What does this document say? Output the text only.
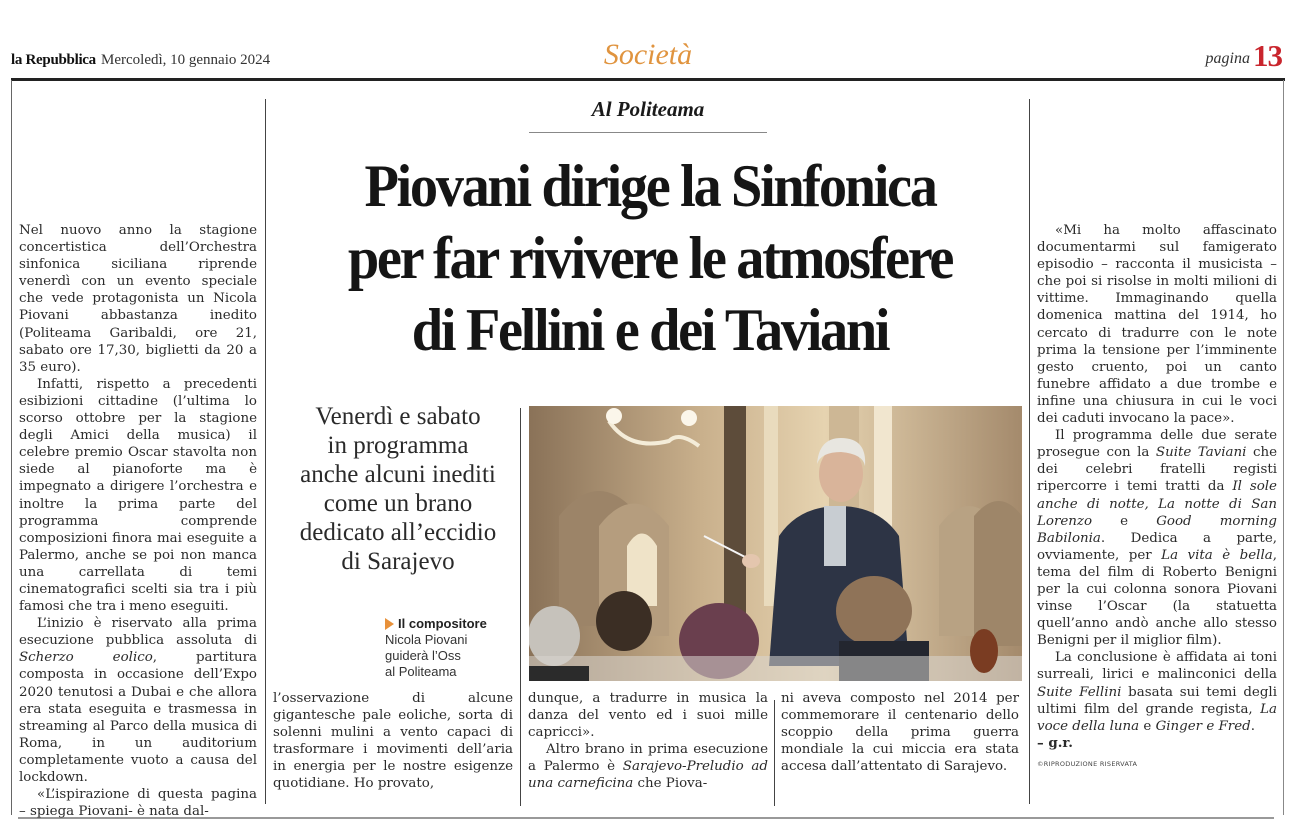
la Repubblica Mercoledì, 10 gennaio 2024	Società	pagina13
Al Politeama
Piovani dirige la Sinfonica
per far rivivere le atmosfere
di Fellini e dei Taviani

Nel nuovo anno la stagione concertistica dell’Orchestra sinfonica siciliana riprende venerdì con un evento speciale che vede protagonista un Nicola Piovani abbastanza inedito (Politeama Garibaldi, ore 21, sabato ore 17,30, biglietti da 20 a 35 euro).

Infatti, rispetto a precedenti esibizioni cittadine (l’ultima lo scorso ottobre per la stagione degli Amici della musica) il celebre premio Oscar stavolta non siede al pianoforte ma è impegnato a dirigere l’orchestra e inoltre la prima parte del programma comprende composizioni finora mai eseguite a Palermo, anche se poi non manca una carrellata di temi cinematografici scelti sia tra i più famosi che tra i meno eseguiti.

L’inizio è riservato alla prima esecuzione pubblica assoluta di Scherzo eolico, partitura composta in occasione dell’Expo 2020 tenutosi a Dubai e che allora era stata eseguita e trasmessa in streaming al Parco della musica di Roma, in un auditorium completamente vuoto a causa del lockdown.

«L’ispirazione di questa pagina – spiega Piovani- è nata dal-

Venerdì e sabato
in programma
anche alcuni inediti
come un brano
dedicato all’eccidio
di Sarajevo
Il compositore
Nicola Piovani
guiderà l’Oss
al Politeama

l’osservazione di alcune gigantesche pale eoliche, sorta di solenni mulini a vento capaci di trasformare i movimenti dell’aria in energia per le nostre esigenze quotidiane. Ho provato,

dunque, a tradurre in musica la danza del vento ed i suoi mille capricci».

Altro brano in prima esecuzione a Palermo è Sarajevo-Preludio ad una carneficina che Piova-

ni aveva composto nel 2014 per commemorare il centenario dello scoppio della prima guerra mondiale la cui miccia era stata accesa dall’attentato di Sarajevo.

«Mi ha molto affascinato documentarmi sul famigerato episodio – racconta il musicista – che poi si risolse in molti milioni di vittime. Immaginando quella domenica mattina del 1914, ho cercato di tradurre con le note prima la tensione per l’imminente gesto cruento, poi un canto funebre affidato a due trombe e infine una chiusura in cui le voci dei caduti invocano la pace».

Il programma delle due serate prosegue con la Suite Taviani che dei celebri fratelli registi ripercorre i temi tratti da Il sole anche di notte, La notte di San Lorenzo e Good morning Babilonia. Dedica a parte, ovviamente, per La vita è bella, tema del film di Roberto Benigni per la cui colonna sonora Piovani vinse l’Oscar (la statuetta quell’anno andò anche allo stesso Benigni per il miglior film).

La conclusione è affidata ai toni surreali, lirici e malinconici della Suite Fellini basata sui temi degli ultimi film del grande regista, La voce della luna e Ginger e Fred.

– g.r.

©RIPRODUZIONE RISERVATA
